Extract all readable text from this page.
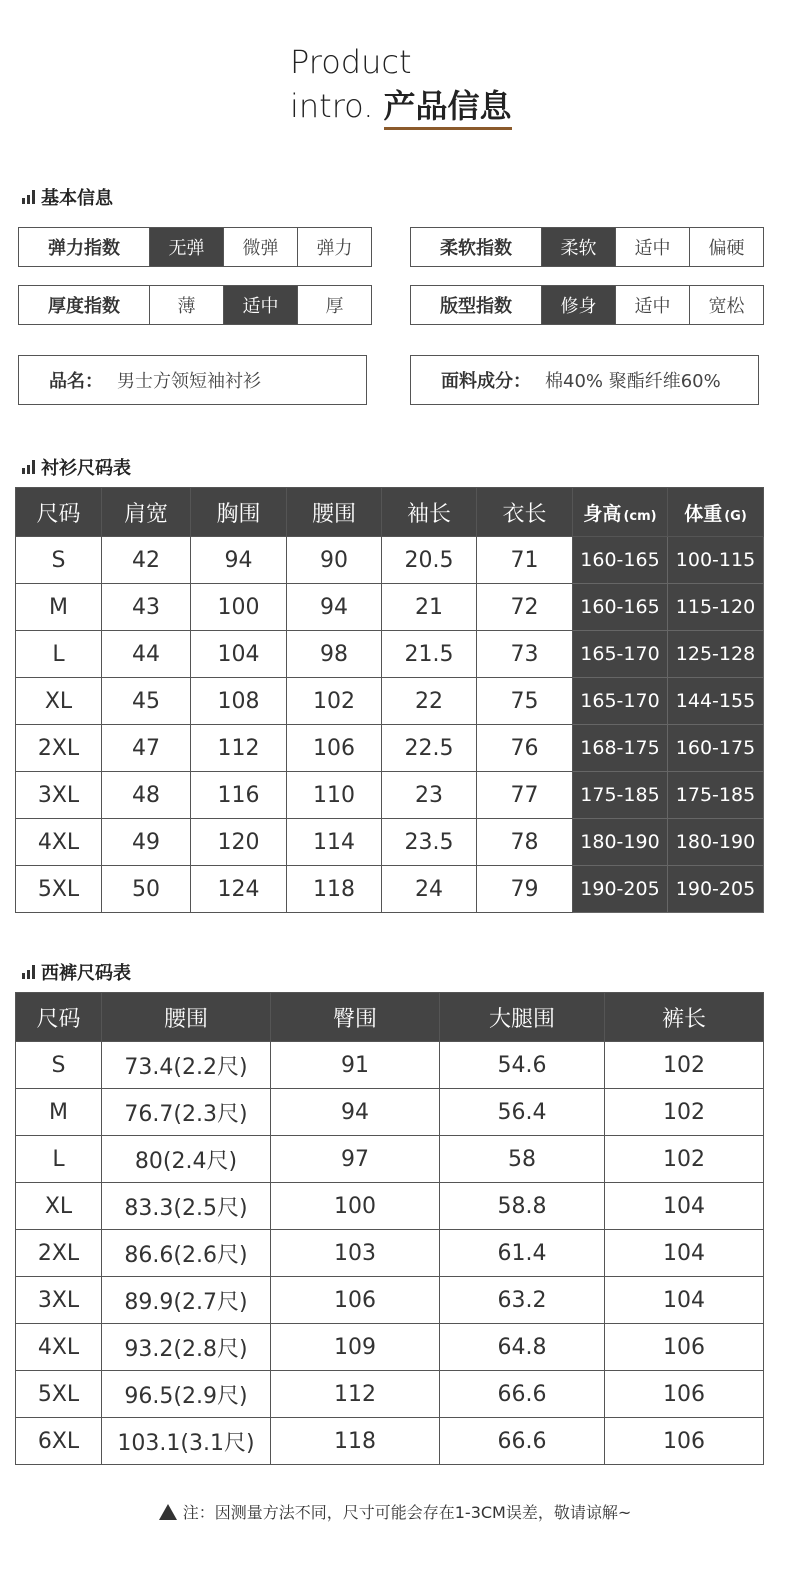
Product
intro. 产品信息
基本信息
弹力指数	无弹	微弹	弹力	柔软指数	柔软	适中	偏硬
厚度指数	薄	适中	厚	版型指数	修身	适中	宽松
品名： 男士方领短袖衬衫	面料成分： 棉40% 聚酯纤维60%
衬衫尺码表
尺码	肩宽	胸围	腰围	袖长	衣长	身高 (cm)	体重 (G)
S	42	94	90	20.5	71	160-165	100-115
M	43	100	94	21	72	160-165	115-120
L	44	104	98	21.5	73	165-170	125-128
XL	45	108	102	22	75	165-170	144-155
2XL	47	112	106	22.5	76	168-175	160-175
3XL	48	116	110	23	77	175-185	175-185
4XL	49	120	114	23.5	78	180-190	180-190
5XL	50	124	118	24	79	190-205	190-205
西裤尺码表
尺码	腰围	臀围	大腿围	裤长
S	73.4(2.2尺)	91	54.6	102
M	76.7(2.3尺)	94	56.4	102
L	80(2.4尺)	97	58	102
XL	83.3(2.5尺)	100	58.8	104
2XL	86.6(2.6尺)	103	61.4	104
3XL	89.9(2.7尺)	106	63.2	104
4XL	93.2(2.8尺)	109	64.8	106
5XL	96.5(2.9尺)	112	66.6	106
6XL	103.1(3.1尺)	118	66.6	106
注：因测量方法不同，尺寸可能会存在1-3CM误差，敬请谅解~
